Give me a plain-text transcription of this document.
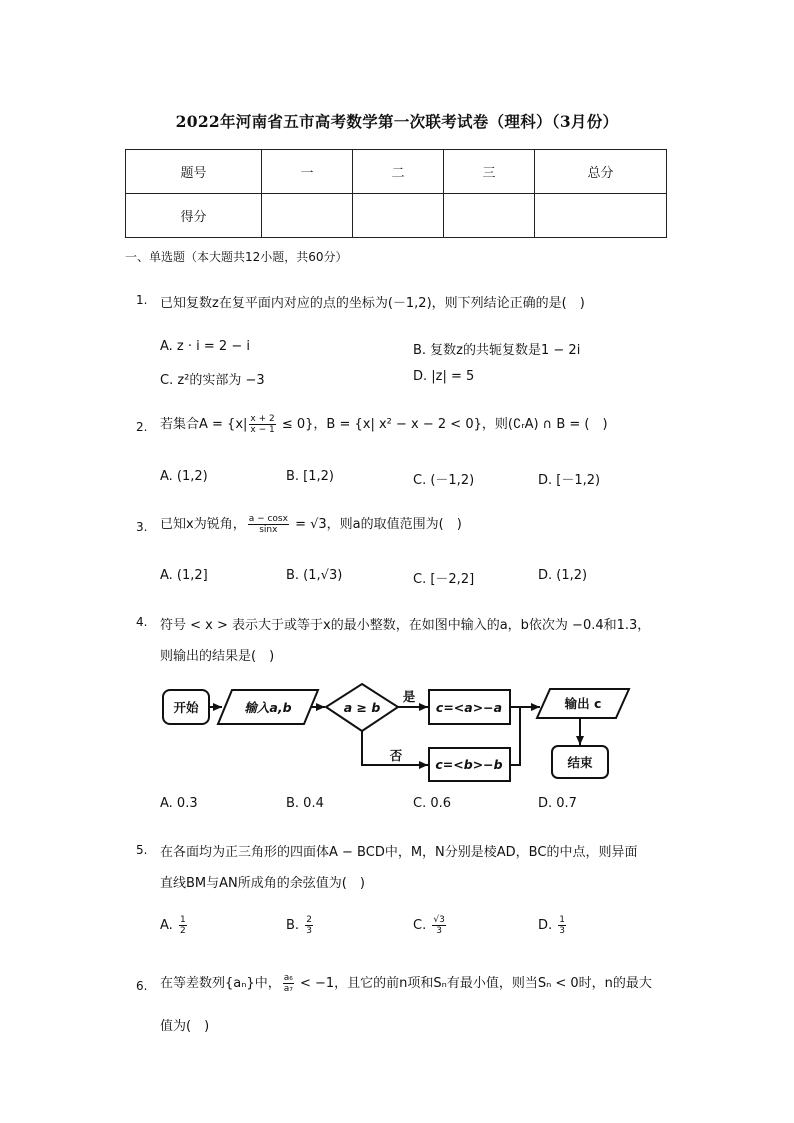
2022年河南省五市高考数学第一次联考试卷（理科）（3月份）
题号	一	二	三	总分
得分				
一、单选题（本大题共12小题，共60分）
1. 已知复数z在复平面内对应的点的坐标为(－1,2)，则下列结论正确的是(　)
A. z · i = 2 − i	B. 复数z的共轭复数是1 − 2i
C. z²的实部为 −3	D. |z| = 5
2. 若集合$A = \{x| \frac{x + 2}{x - 1} \le 0\}$，B = {x| x² − x − 2 < 0}，则(∁ᵣA) ∩ B = (　)
A. (1,2)	B. [1,2)	C. (－1,2)	D. [－1,2)
3. 已知x为锐角， $\frac{a - \cos x}{\sin x} = √3$，则a的取值范围为(　)
A. (1,2]	B. (1,√3)	C. [－2,2]	D. (1,2)
4. 符号 < x > 表示大于或等于x的最小整数，在如图中输入的a，b依次为 −0.4和1.3，
则输出的结果是(　)
开始	输入a,b	a ≥ b	c=<a>−a
c=<b>−b
输出 c
结束
是
否
A. 0.3	B. 0.4	C. 0.6	D. 0.7
5. 在各面均为正三角形的四面体A − BCD中，M，N分别是棱AD，BC的中点，则异面
直线BM与AN所成角的余弦值为(　)
A. $\frac{1}{2}$	B. $\frac{2}{3}$	C. $\frac{√3}{3}$	D. $\frac{1}{3}$
6. 在等差数列{aₙ}中， $\frac{\text{a₆}}{\text{a₇}} < -1$，且它的前n项和Sₙ有最小值，则当Sₙ < 0时，n的最大
值为(　)
